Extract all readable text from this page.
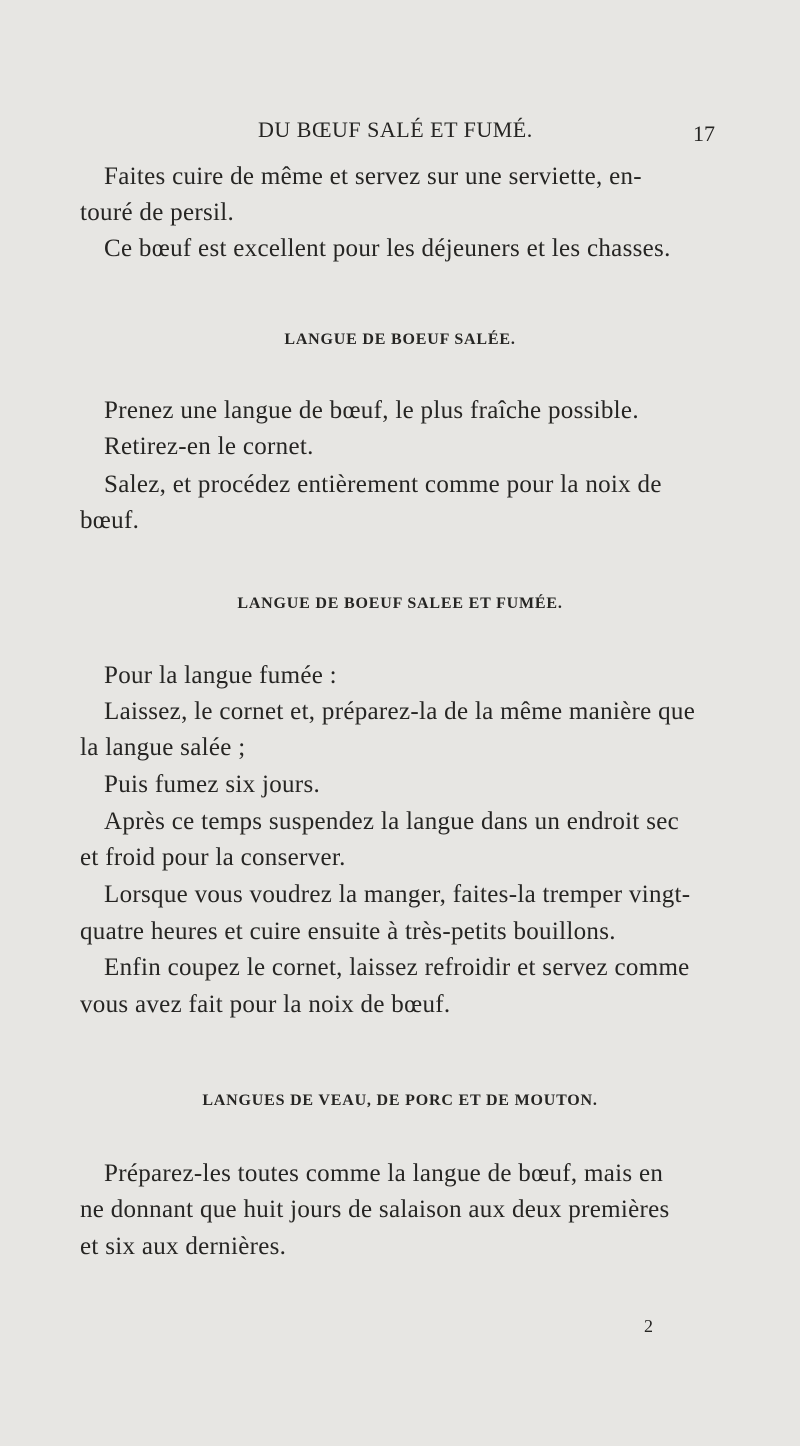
DU BŒUF SALÉ ET FUMÉ.	17
Faites cuire de même et servez sur une serviette, en-
touré de persil.
Ce bœuf est excellent pour les déjeuners et les chasses.
LANGUE DE BOEUF SALÉE.
Prenez une langue de bœuf, le plus fraîche possible.
Retirez-en le cornet.
Salez, et procédez entièrement comme pour la noix de
bœuf.
LANGUE DE BOEUF SALEE ET FUMÉE.
Pour la langue fumée :
Laissez, le cornet et, préparez-la de la même manière que
la langue salée ;
Puis fumez six jours.
Après ce temps suspendez la langue dans un endroit sec
et froid pour la conserver.
Lorsque vous voudrez la manger, faites-la tremper vingt-
quatre heures et cuire ensuite à très-petits bouillons.
Enfin coupez le cornet, laissez refroidir et servez comme
vous avez fait pour la noix de bœuf.
LANGUES DE VEAU, DE PORC ET DE MOUTON.
Préparez-les toutes comme la langue de bœuf, mais en
ne donnant que huit jours de salaison aux deux premières
et six aux dernières.
2
